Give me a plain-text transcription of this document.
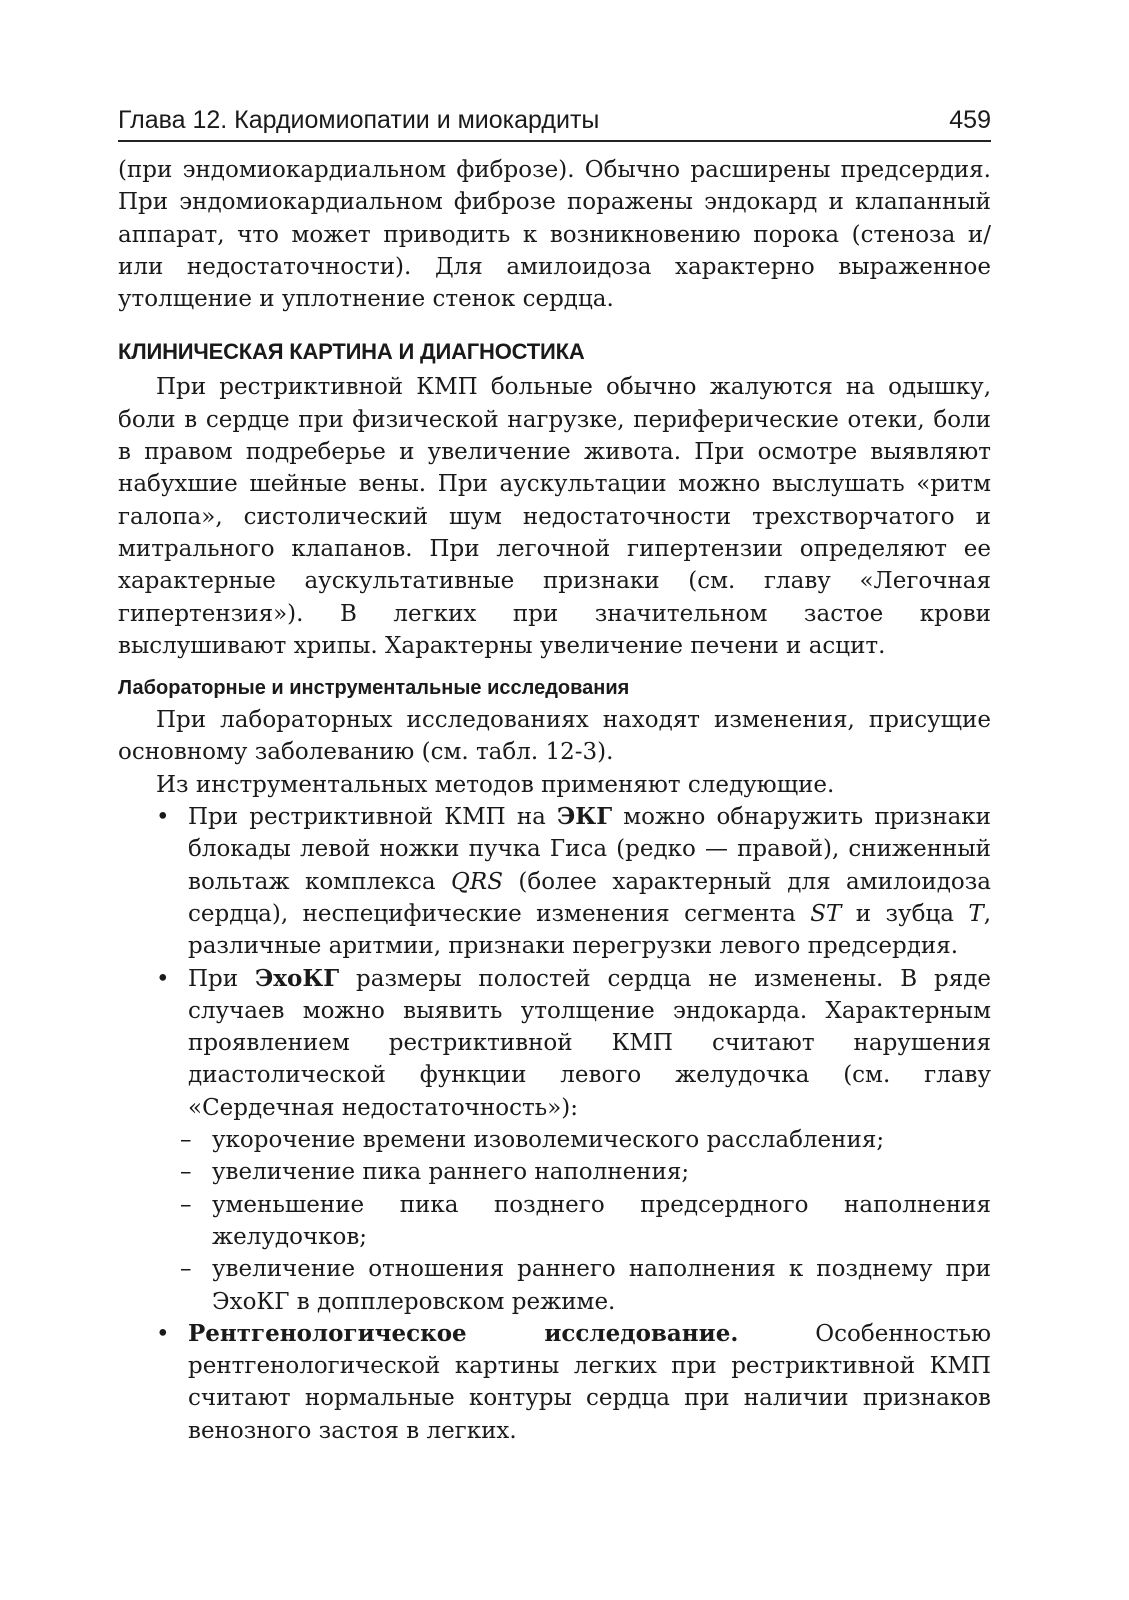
Глава 12. Кардиомиопатии и миокардиты	459

(при эндомиокардиальном фиброзе). Обычно расширены предсердия. При эндомиокардиальном фиброзе поражены эндокард и клапанный аппарат, что может приводить к возникновению порока (стеноза и/или недостаточности). Для амилоидоза характерно выраженное утолщение и уплотнение стенок сердца.

КЛИНИЧЕСКАЯ КАРТИНА И ДИАГНОСТИКА

При рестриктивной КМП больные обычно жалуются на одышку, боли в сердце при физической нагрузке, периферические отеки, боли в правом подреберье и увеличение живота. При осмотре выявляют набухшие шейные вены. При аускультации можно выслушать «ритм галопа», систолический шум недостаточности трехстворчатого и митрального клапанов. При легочной гипертензии определяют ее характерные аускультативные признаки (см. главу «Легочная гипертензия»). В легких при значительном застое крови выслушивают хрипы. Характерны увеличение печени и асцит.

Лабораторные и инструментальные исследования

При лабораторных исследованиях находят изменения, присущие основному заболеванию (см. табл. 12-3).

Из инструментальных методов применяют следующие.

• При рестриктивной КМП на ЭКГ можно обнаружить признаки блокады левой ножки пучка Гиса (редко — правой), сниженный вольтаж комплекса QRS (более характерный для амилоидоза сердца), неспецифические изменения сегмента ST и зубца T, различные аритмии, признаки перегрузки левого предсердия.
• При ЭхоКГ размеры полостей сердца не изменены. В ряде случаев можно выявить утолщение эндокарда. Характерным проявлением рестриктивной КМП считают нарушения диастолической функции левого желудочка (см. главу «Сердечная недостаточность»):
– укорочение времени изоволемического расслабления;
– увеличение пика раннего наполнения;
– уменьшение пика позднего предсердного наполнения желудочков;
– увеличение отношения раннего наполнения к позднему при ЭхоКГ в допплеровском режиме.
• Рентгенологическое исследование. Особенностью рентгенологической картины легких при рестриктивной КМП считают нормальные контуры сердца при наличии признаков венозного застоя в легких.
